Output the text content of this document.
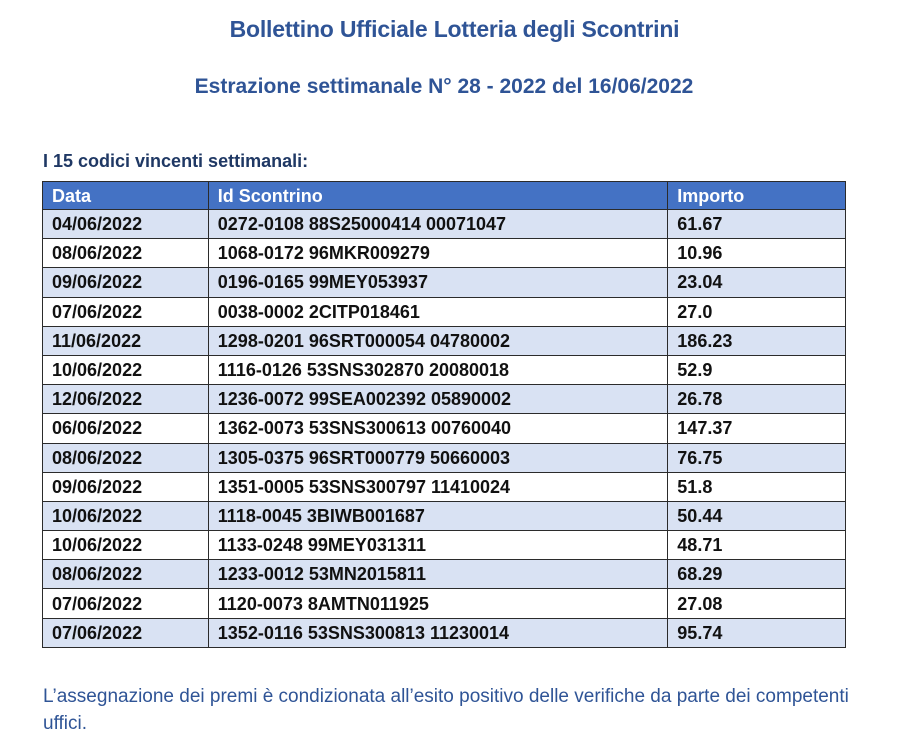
Bollettino Ufficiale Lotteria degli Scontrini
Estrazione settimanale N° 28 - 2022 del 16/06/2022
I 15 codici vincenti settimanali:
Data	Id Scontrino	Importo
04/06/2022	0272-0108 88S25000414 00071047	61.67
08/06/2022	1068-0172 96MKR009279	10.96
09/06/2022	0196-0165 99MEY053937	23.04
07/06/2022	0038-0002 2CITP018461	27.0
11/06/2022	1298-0201 96SRT000054 04780002	186.23
10/06/2022	1116-0126 53SNS302870 20080018	52.9
12/06/2022	1236-0072 99SEA002392 05890002	26.78
06/06/2022	1362-0073 53SNS300613 00760040	147.37
08/06/2022	1305-0375 96SRT000779 50660003	76.75
09/06/2022	1351-0005 53SNS300797 11410024	51.8
10/06/2022	1118-0045 3BIWB001687	50.44
10/06/2022	1133-0248 99MEY031311	48.71
08/06/2022	1233-0012 53MN2015811	68.29
07/06/2022	1120-0073 8AMTN011925	27.08
07/06/2022	1352-0116 53SNS300813 11230014	95.74
L’assegnazione dei premi è condizionata all’esito positivo delle verifiche da parte dei competenti uffici.
